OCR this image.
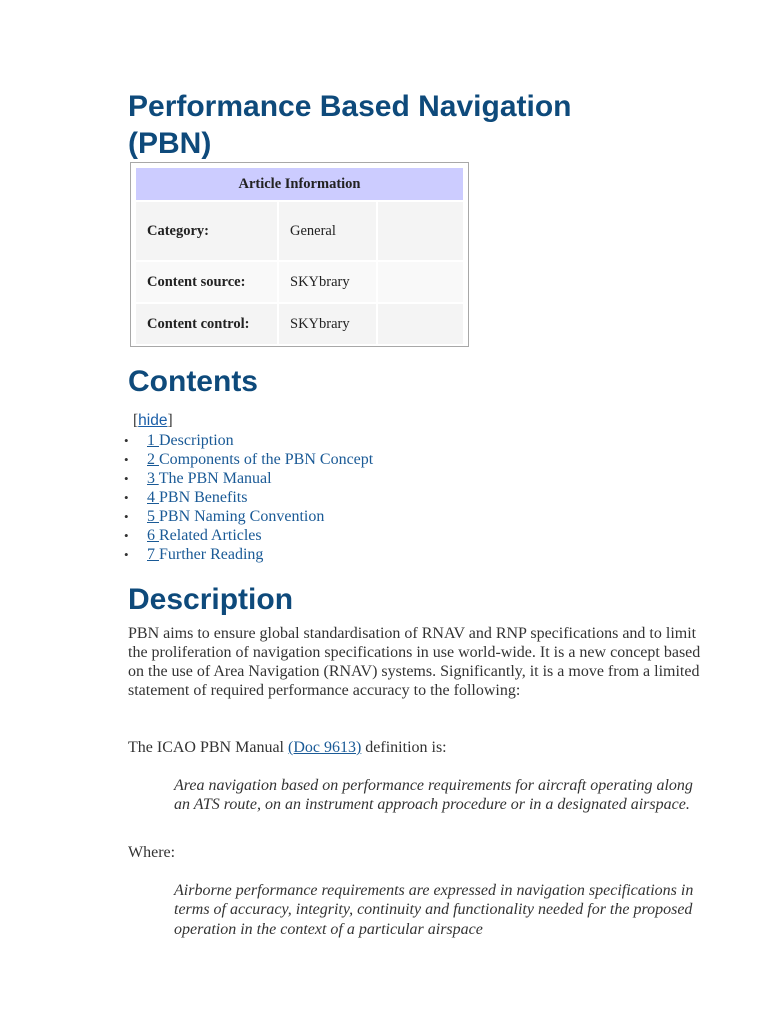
Performance Based Navigation
(PBN)
Article Information		
Category:	General	
Content source:	SKYbrary	
Content control:	SKYbrary	
Contents
[hide]
• 1 Description
• 2 Components of the PBN Concept
• 3 The PBN Manual
• 4 PBN Benefits
• 5 PBN Naming Convention
• 6 Related Articles
• 7 Further Reading
Description

PBN aims to ensure global standardisation of RNAV and RNP specifications and to limit the proliferation of navigation specifications in use world-wide. It is a new concept based on the use of Area Navigation (RNAV) systems. Significantly, it is a move from a limited statement of required performance accuracy to the following:

The ICAO PBN Manual (Doc 9613) definition is:

Area navigation based on performance requirements for aircraft operating along an ATS route, on an instrument approach procedure or in a designated airspace.

Where:

Airborne performance requirements are expressed in navigation specifications in terms of accuracy, integrity, continuity and functionality needed for the proposed operation in the context of a particular airspace
